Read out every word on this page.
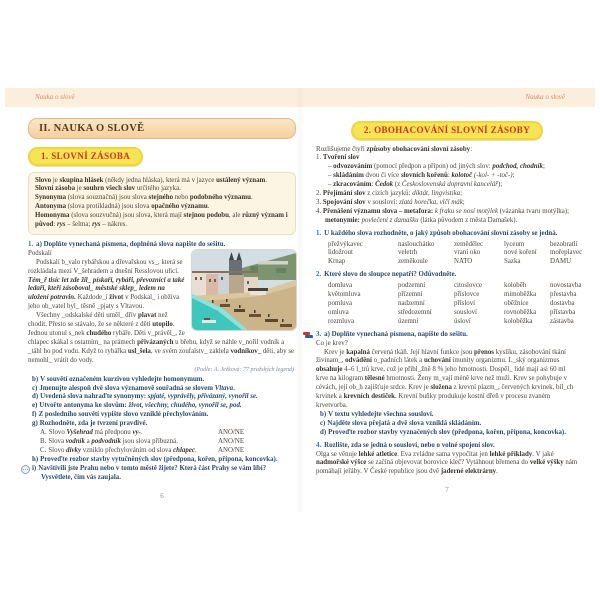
Nauka o slově	Nauka o slově
II. NAUKA O SLOVĚ
1. SLOVNÍ ZÁSOBA
Slovo je skupina hlásek (někdy jedna hláska), která má v jazyce ustálený význam.
Slovní zásoba je souhrn všech slov určitého jazyka.
Synonyma (slova souznačná) jsou slova stejného nebo podobného významu.
Antonyma (slova protikladná) jsou slova opačného významu.
Homonyma (slova souzvučná) jsou slova, která mají stejnou podobu, ale různý význam i původ: rys – šelma; rys – nákres.
1. a) Doplňte vynechaná písmena, doplněná slova napište do sešitu.
Podskalí
Podskalí b_valo rybářskou a dřevařskou vs_, která se rozkládala mezi V_šehradem a dnešní Resslovou ulicí. Tém_ř tisíc let zde žil_ pískaři, rybáři, převozníci a také ledaři, kteří zásoboval_ městské sklep_ ledem na uložení potravin. Každode_í život v Podskal_ i obživa jeho ob_vatel byl_ těsně _pjaty s Vltavou.
Všechny _odskalské děti uměl_ dřív plavat než chodit. Přesto se stávalo, že se některé z dětí utopilo. Jednou utonul s_nek chudého rybáře. Děti v_právěl_, že chlapec skákal s ostatním_ na prámech přivázaných u břehu, když se náhle v_nořil vodník a _táhl ho pod vodu. Když to rybářka usl_šela, ve svém zoufalstv_ zaklela vodníkov_ děti, aby se nemohl_ vrátit do vody.
(Podle: A. Ježková: 77 pražských legend)
b) V souvětí označeném kurzivou vyhledejte homonymum.
c) Jmenujte alespoň dvě slova významově souřadná se slovem Vltava.
d) Uvedená slova nahraďte synonymy: spjaté, vyprávěly, přivázaný, vynořil se.
e) Utvořte antonyma ke slovům: život, všechny, chudého, vynořil se, pod.
f) Z posledního souvětí vypište slovo vzniklé přechylováním.
g) Rozhodněte, zda je tvrzení pravdivé.
A. Slovo Vyšehrad má předponu vy-.	ANO/NE
B. Slova vodník a podvodník jsou slova příbuzná.	ANO/NE
C. Slovo dívky vzniklo přechylováním od slova chlapec.	ANO/NE
h) Proveďte rozbor stavby vytučněných slov (předpona, kořen, přípona, koncovka).
i) Navštívili jste Prahu nebo v tomto městě žijete? Která část Prahy se vám líbí? Vysvětlete, čím vás zaujala.
6
2. OBOHACOVÁNÍ SLOVNÍ ZÁSOBY
Rozlišujeme čtyři způsoby obohacování slovní zásoby:
1. Tvoření slov
– odvozováním (pomocí předpon a přípon) od jiných slov: podchod, chodník;
– skládáním dvou či více slovních kořenů: kolotoč (-kol- + -toč-);
– zkracováním: Čedok (z Československá dopravní kancelář);
2. Přejímání slov z cizích jazyků: diktát, lingvistika;
3. Spojování slov v sousloví: zlatá horečka, vlčí mák;
4. Přenášení významu slova – metafora: k fraku se nosí motýlek (vázanka tvaru motýlka); metonymie: povlečení z damašku (látka původem z města Damašek).
1. U každého slova rozhodněte, o jaký způsob obohacování slovní zásoby se jedná.
přežvýkavec	naslouchátko	zemědělec	lyceum	bezobratlí
lidožrout	veletrh	vraní oko	nové koření	mořeplavec
Krnap	zeměkoule	NATO	Sazka	DAMU
2. Které slovo do sloupce nepatří? Odůvodněte.
domluva	podzemní	citoslovce	koloběh	novostavba
květomluva	přízemní	příslovce	mimoběžka	přestavba
pomluva	nadzemní	přísloví	oběžnice	dostavba
omluva	středozemní	sousloví	rovnoběžka	přístavba
rozmluva	územní	úsloví	koloběžka	zástavba
3. a) Doplňte vynechaná písmena, napište do sešitu.
Co je krev?
Krev je kapalná červená tkáň. Její hlavní funkce jsou přenos kyslíku, zásobování tkání živinam_, odvádění o_padních látek a uchování imunity organizmu. L_ský organizmus obsahuje 4–6 l_trů krve, což je přibl_žně 8 % jeho hmotnosti. Dospěl_ lidé mají asi 60 ml krve na kilogram tělesné hmotnosti. Ženy m_vají méně krve než muži. Krev se pohybuje v cévách, její ob_h zajišťuje srdce. Krev je složena z krevní plazm_, červených krvinek, bíl_ch krvinek a krevních destiček. Krevní buňky produkuje kostní dřeň v procesu zvaném krvetvorba.
b) V textu vyhledejte všechna sousloví.
c) Najděte slova přejatá a dvě slova vzniklá skládáním.
d) Proveďte rozbor stavby vyznačených slov (předpona, kořen, přípona, koncovka).
4. Rozlište, zda se jedná o sousloví, nebo o volné spojení slov.
Olga se věnuje lehké atletice. Eva zvládne sama vypočítat jen lehké příklady. V jaké nadmořské výšce se začíná objevovat borovice kleč? Vytáhnout břemena do velké výšky nám pomáhají jeřáby. V České republice jsou dvě jaderné elektrárny.
7
